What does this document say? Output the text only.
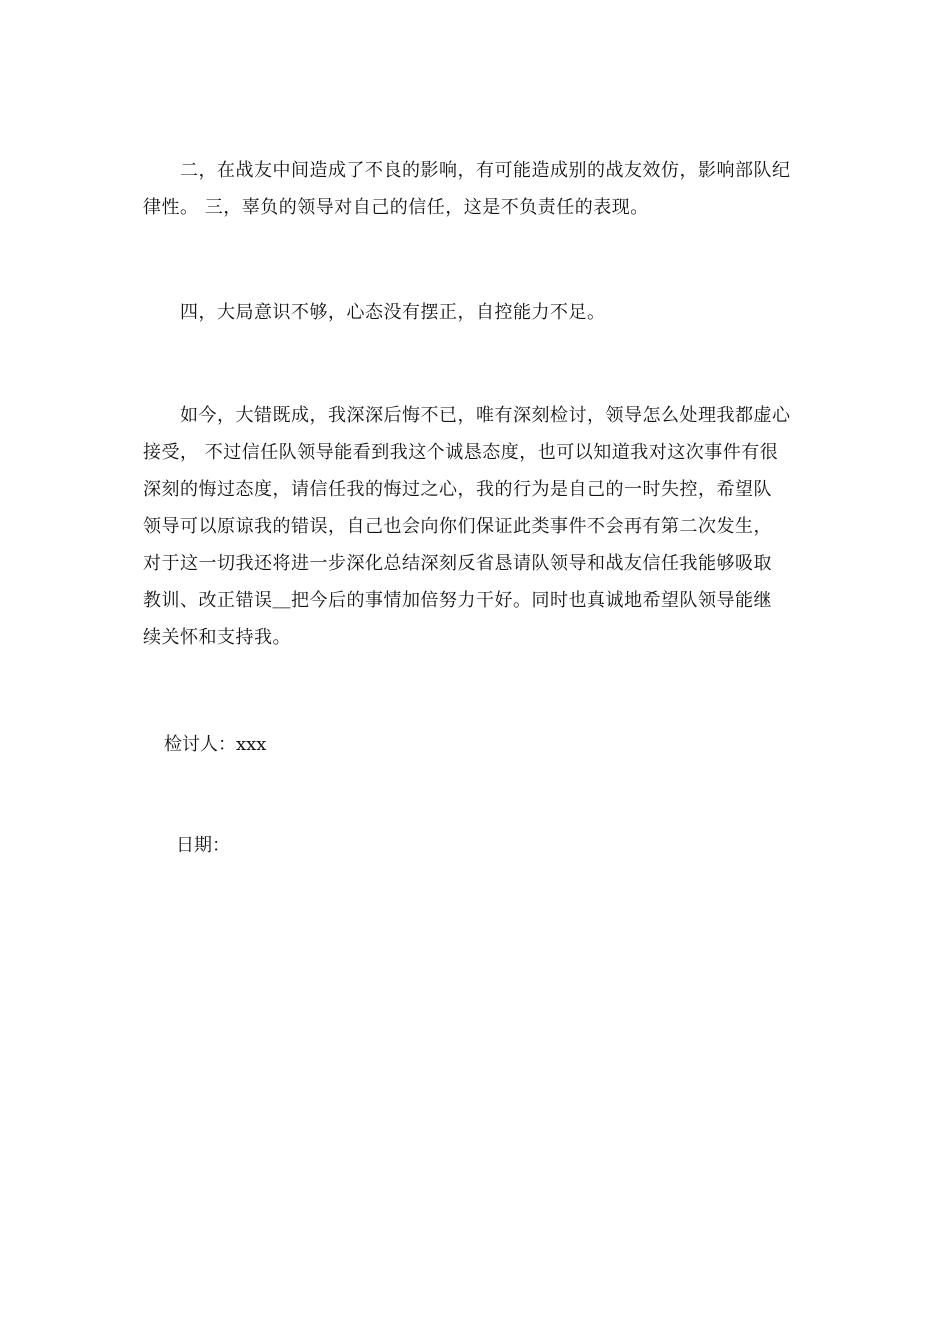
　　二，在战友中间造成了不良的影响，有可能造成别的战友效仿，影响部队纪
律性。 三，辜负的领导对自己的信任，这是不负责任的表现。

　　四，大局意识不够，心态没有摆正，自控能力不足。

　　如今，大错既成，我深深后悔不已，唯有深刻检讨，领导怎么处理我都虚心
接受， 不过信任队领导能看到我这个诚恳态度，也可以知道我对这次事件有很
深刻的悔过态度，请信任我的悔过之心，我的行为是自己的一时失控，希望队
领导可以原谅我的错误，自己也会向你们保证此类事件不会再有第二次发生，
对于这一切我还将进一步深化总结深刻反省恳请队领导和战友信任我能够吸取
教训、改正错误＿把今后的事情加倍努力干好。同时也真诚地希望队领导能继
续关怀和支持我。

检讨人：xxx
日期：
